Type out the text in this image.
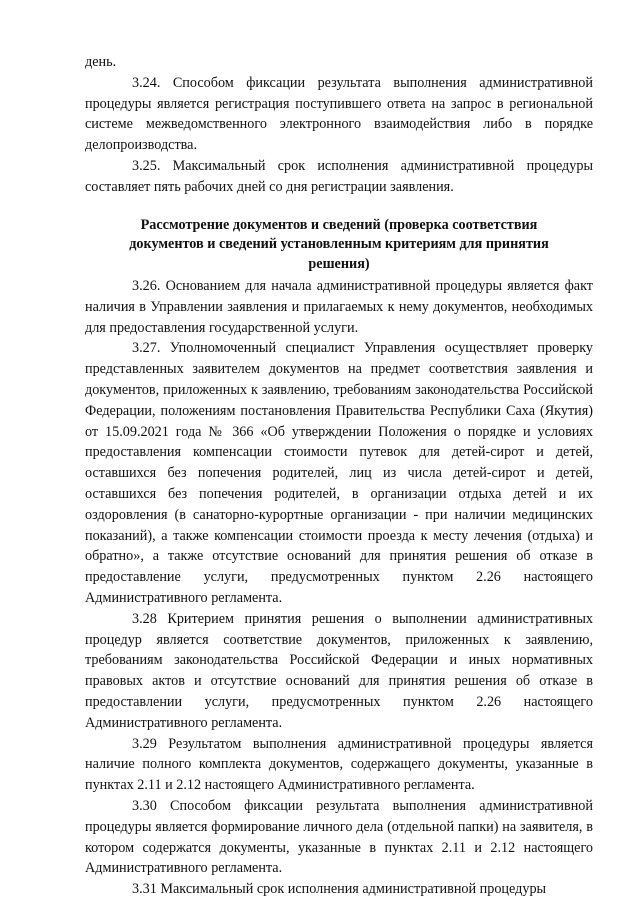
день.

3.24. Способом фиксации результата выполнения административной процедуры является регистрация поступившего ответа на запрос в региональной системе межведомственного электронного взаимодействия либо в порядке делопроизводства.

3.25. Максимальный срок исполнения административной процедуры составляет пять рабочих дней со дня регистрации заявления.

Рассмотрение документов и сведений (проверка соответствия документов и сведений установленным критериям для принятия решения)

3.26. Основанием для начала административной процедуры является факт наличия в Управлении заявления и прилагаемых к нему документов, необходимых для предоставления государственной услуги.

3.27. Уполномоченный специалист Управления осуществляет проверку представленных заявителем документов на предмет соответствия заявления и документов, приложенных к заявлению, требованиям законодательства Российской Федерации, положениям постановления Правительства Республики Саха (Якутия) от 15.09.2021 года № 366 «Об утверждении Положения о порядке и условиях предоставления компенсации стоимости путевок для детей-сирот и детей, оставшихся без попечения родителей, лиц из числа детей-сирот и детей, оставшихся без попечения родителей, в организации отдыха детей и их оздоровления (в санаторно-курортные организации - при наличии медицинских показаний), а также компенсации стоимости проезда к месту лечения (отдыха) и обратно», а также отсутствие оснований для принятия решения об отказе в предоставление услуги, предусмотренных пунктом 2.26 настоящего Административного регламента.

3.28 Критерием принятия решения о выполнении административных процедур является соответствие документов, приложенных к заявлению, требованиям законодательства Российской Федерации и иных нормативных правовых актов и отсутствие оснований для принятия решения об отказе в предоставлении услуги, предусмотренных пунктом 2.26 настоящего Административного регламента.

3.29 Результатом выполнения административной процедуры является наличие полного комплекта документов, содержащего документы, указанные в пунктах 2.11 и 2.12 настоящего Административного регламента.

3.30 Способом фиксации результата выполнения административной процедуры является формирование личного дела (отдельной папки) на заявителя, в котором содержатся документы, указанные в пунктах 2.11 и 2.12 настоящего Административного регламента.

3.31 Максимальный срок исполнения административной процедуры
